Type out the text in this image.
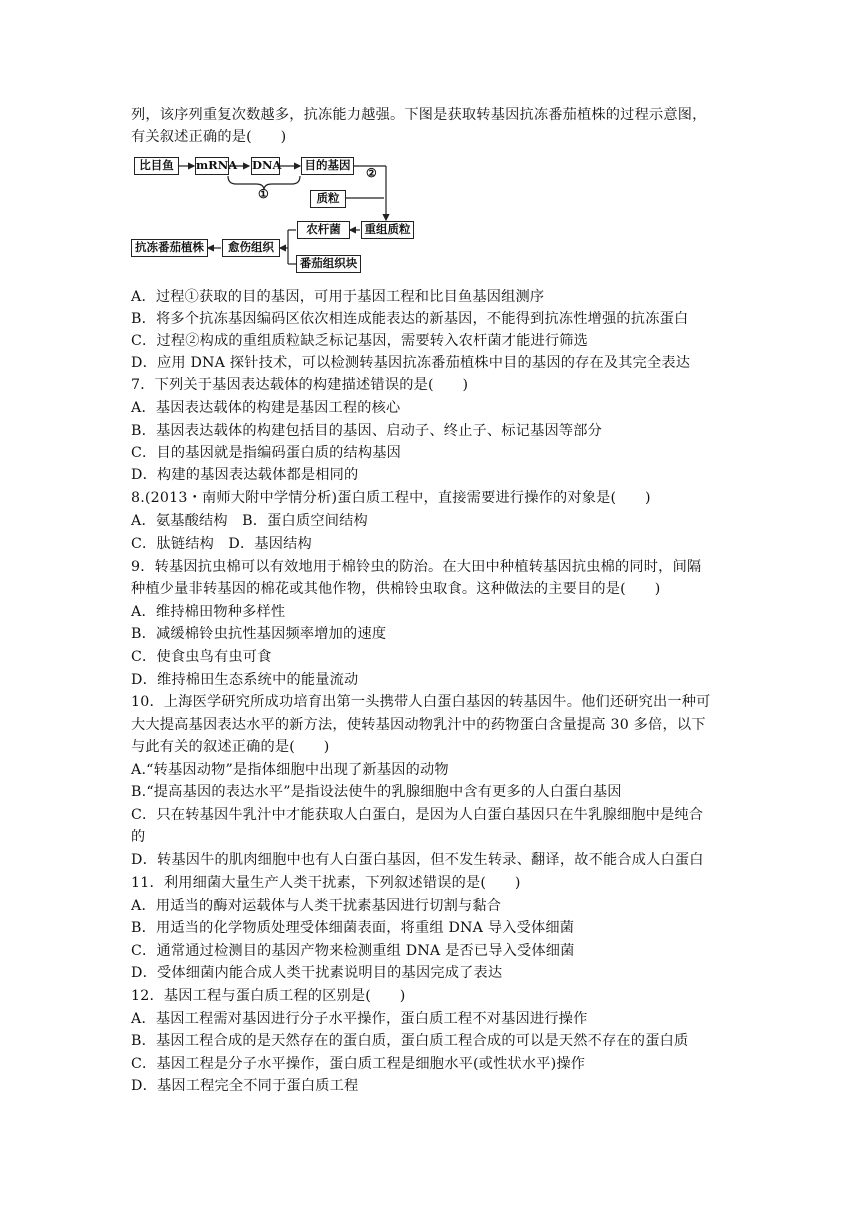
列，该序列重复次数越多，抗冻能力越强。下图是获取转基因抗冻番茄植株的过程示意图，
有关叙述正确的是(　　)
比目鱼	mRNA DNA	目的基因
①
②
质粒
重组质粒
农杆菌
愈伤组织
抗冻番茄植株
番茄组织块
A．过程①获取的目的基因，可用于基因工程和比目鱼基因组测序
B．将多个抗冻基因编码区依次相连成能表达的新基因，不能得到抗冻性增强的抗冻蛋白
C．过程②构成的重组质粒缺乏标记基因，需要转入农杆菌才能进行筛选
D．应用 DNA 探针技术，可以检测转基因抗冻番茄植株中目的基因的存在及其完全表达
7．下列关于基因表达载体的构建描述错误的是(　　)
A．基因表达载体的构建是基因工程的核心
B．基因表达载体的构建包括目的基因、启动子、终止子、标记基因等部分
C．目的基因就是指编码蛋白质的结构基因
D．构建的基因表达载体都是相同的
8.(2013・南师大附中学情分析)蛋白质工程中，直接需要进行操作的对象是(　　)
A．氨基酸结构　B．蛋白质空间结构
C．肽链结构　D．基因结构
9．转基因抗虫棉可以有效地用于棉铃虫的防治。在大田中种植转基因抗虫棉的同时，间隔
种植少量非转基因的棉花或其他作物，供棉铃虫取食。这种做法的主要目的是(　　)
A．维持棉田物种多样性
B．减缓棉铃虫抗性基因频率增加的速度
C．使食虫鸟有虫可食
D．维持棉田生态系统中的能量流动
10．上海医学研究所成功培育出第一头携带人白蛋白基因的转基因牛。他们还研究出一种可
大大提高基因表达水平的新方法，使转基因动物乳汁中的药物蛋白含量提高 30 多倍，以下
与此有关的叙述正确的是(　　)
A.“转基因动物”是指体细胞中出现了新基因的动物
B.“提高基因的表达水平”是指设法使牛的乳腺细胞中含有更多的人白蛋白基因
C．只在转基因牛乳汁中才能获取人白蛋白，是因为人白蛋白基因只在牛乳腺细胞中是纯合
的
D．转基因牛的肌肉细胞中也有人白蛋白基因，但不发生转录、翻译，故不能合成人白蛋白
11．利用细菌大量生产人类干扰素，下列叙述错误的是(　　)
A．用适当的酶对运载体与人类干扰素基因进行切割与黏合
B．用适当的化学物质处理受体细菌表面，将重组 DNA 导入受体细菌
C．通常通过检测目的基因产物来检测重组 DNA 是否已导入受体细菌
D．受体细菌内能合成人类干扰素说明目的基因完成了表达
12．基因工程与蛋白质工程的区别是(　　)
A．基因工程需对基因进行分子水平操作，蛋白质工程不对基因进行操作
B．基因工程合成的是天然存在的蛋白质，蛋白质工程合成的可以是天然不存在的蛋白质
C．基因工程是分子水平操作，蛋白质工程是细胞水平(或性状水平)操作
D．基因工程完全不同于蛋白质工程
